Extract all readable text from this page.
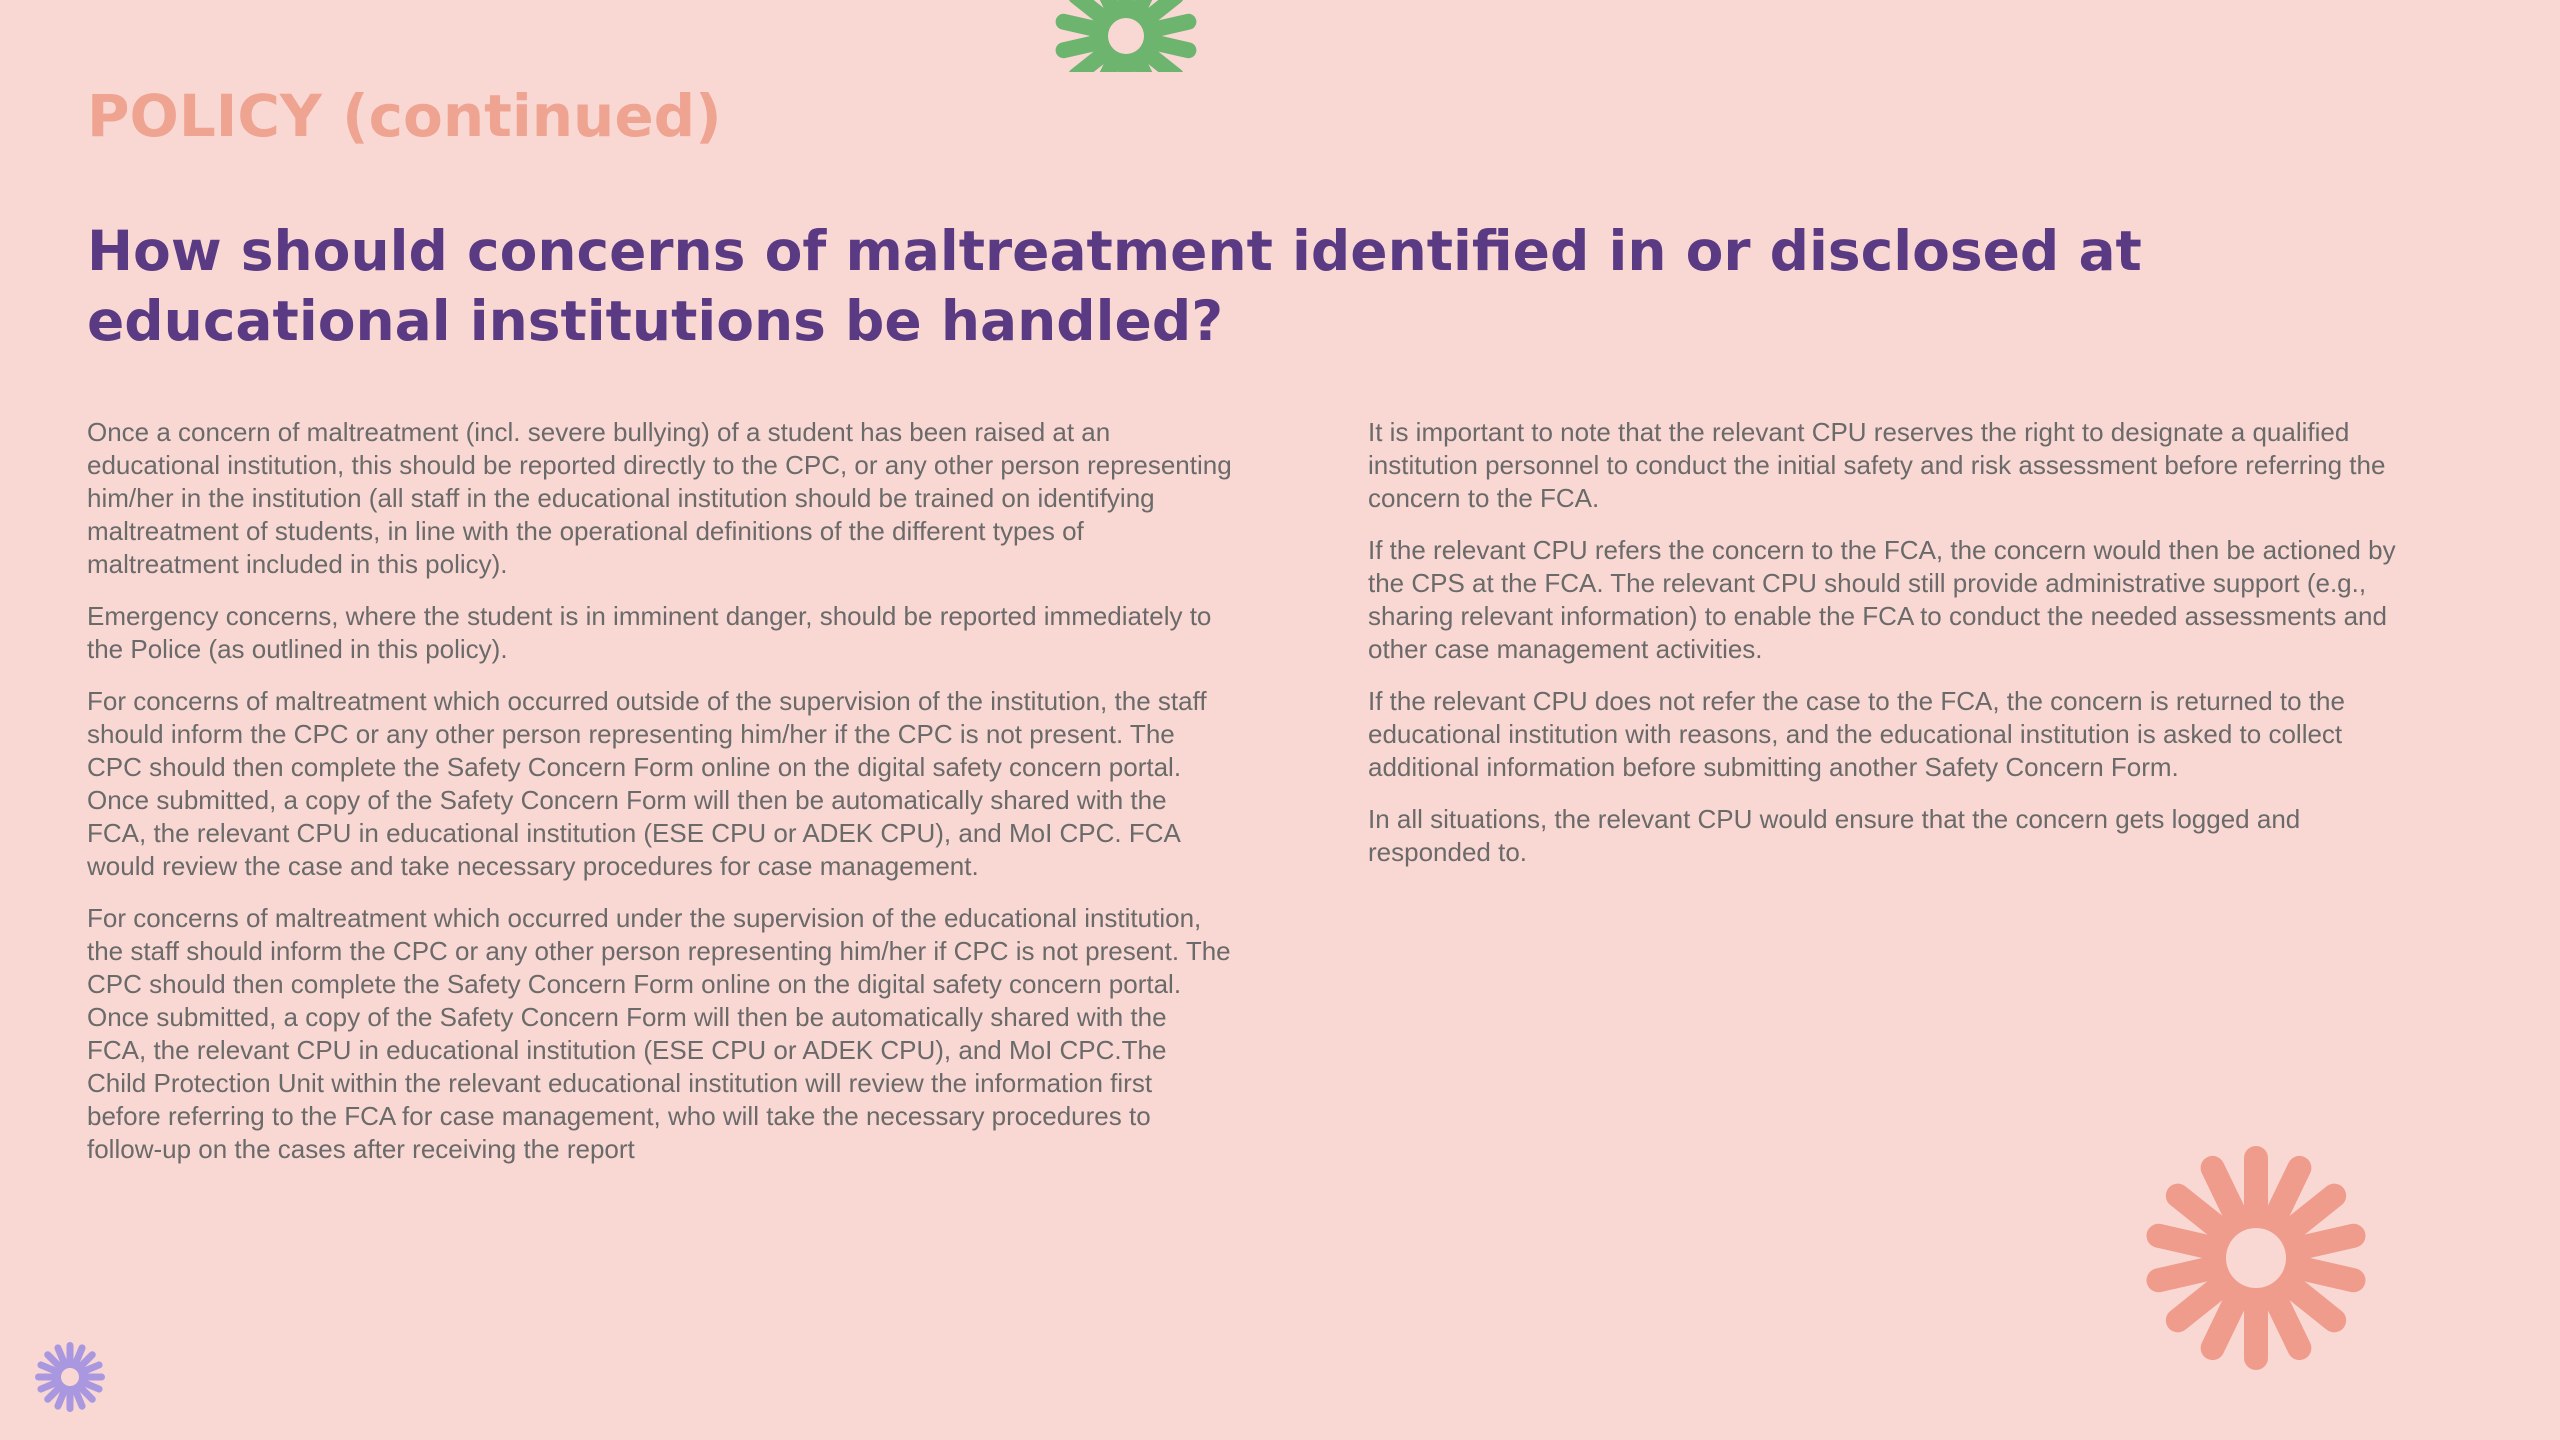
POLICY (continued)
How should concerns of maltreatment identified in or disclosed at educational institutions be handled?

Once a concern of maltreatment (incl. severe bullying) of a student has been raised at an educational institution, this should be reported directly to the CPC, or any other person representing him/her in the institution (all staff in the educational institution should be trained on identifying maltreatment of students, in line with the operational definitions of the different types of maltreatment included in this policy).

Emergency concerns, where the student is in imminent danger, should be reported immediately to the Police (as outlined in this policy).

For concerns of maltreatment which occurred outside of the supervision of the institution, the staff should inform the CPC or any other person representing him/her if the CPC is not present. The CPC should then complete the Safety Concern Form online on the digital safety concern portal. Once submitted, a copy of the Safety Concern Form will then be automatically shared with the FCA, the relevant CPU in educational institution (ESE CPU or ADEK CPU), and MoI CPC. FCA would review the case and take necessary procedures for case management.

For concerns of maltreatment which occurred under the supervision of the educational institution, the staff should inform the CPC or any other person representing him/her if CPC is not present. The CPC should then complete the Safety Concern Form online on the digital safety concern portal. Once submitted, a copy of the Safety Concern Form will then be automatically shared with the FCA, the relevant CPU in educational institution (ESE CPU or ADEK CPU), and MoI CPC.The Child Protection Unit within the relevant educational institution will review the information first before referring to the FCA for case management, who will take the necessary procedures to follow-up on the cases after receiving the report

It is important to note that the relevant CPU reserves the right to designate a qualified institution personnel to conduct the initial safety and risk assessment before referring the concern to the FCA.

If the relevant CPU refers the concern to the FCA, the concern would then be actioned by the CPS at the FCA. The relevant CPU should still provide administrative support (e.g., sharing relevant information) to enable the FCA to conduct the needed assessments and other case management activities.

If the relevant CPU does not refer the case to the FCA, the concern is returned to the educational institution with reasons, and the educational institution is asked to collect additional information before submitting another Safety Concern Form.

In all situations, the relevant CPU would ensure that the concern gets logged and responded to.
